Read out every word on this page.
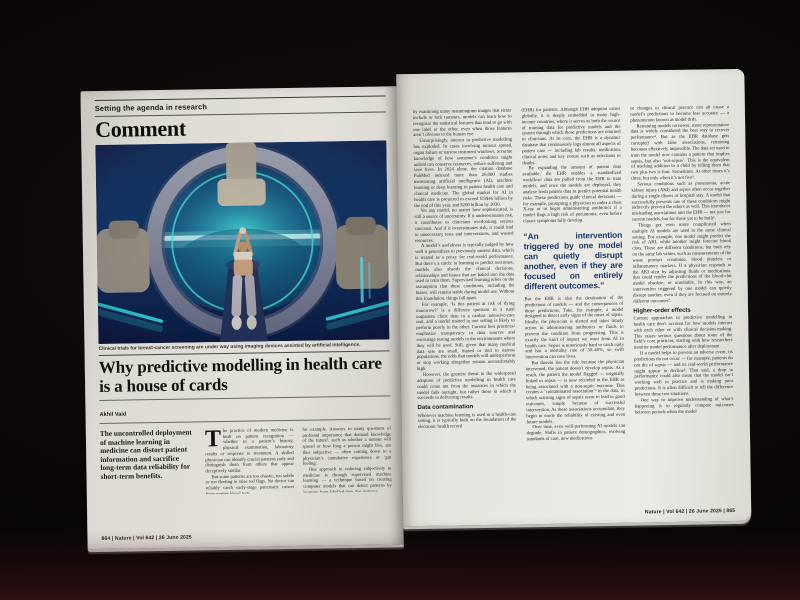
Setting the agenda in research
Comment
Clinical trials for breast-cancer screening are under way using imaging devices assisted by artificial intelligence.
Why predictive modelling in health care is a house of cards
Akhil Vaid
The uncontrolled deployment of machine learning in medicine can distort patient information and sacrifice long-term data reliability for short-term benefits.

The practice of modern medicine is built on pattern recognition — whether in a patient’s history, physical examination, laboratory results or response to treatment. A skilled physician can identify crucial patterns early and distinguish them from others that appear deceptively similar.

But some patterns are too chaotic, too subtle or too fleeting to raise red flags. No doctor can reliably catch early-stage pancreatic cancer from routine blood tests,

for example. Answers to many questions of profound importance that demand knowledge of the future¹, such as whether a tumour will spread or how long a person might live, are thus subjective — often coming down to a physician’s cumulative experience or ‘gut feeling’.

One approach to reducing subjectivity in medicine is through supervised machine learning — a technique based on creating computer models that can detect patterns by learning from labelled data. For instance,

864 | Nature | Vol 642 | 26 June 2025

by examining many mammogram images that either include or lack tumours, models can learn how to recognize the statistical features that tend to go with one label or the other, even when those features aren’t obvious to the human eye.

Unsurprisingly, interest in predictive modelling has exploded. In cases involving tumour spread, organ failure or narrow treatment windows, accurate knowledge of how someone’s condition might unfold can conserve resources, reduce suffering and save lives. In 2024 alone, the citation database PubMed indexed more than 26,000 studies mentioning artificial intelligence (AI), machine learning or deep learning in patient health care and clinical medicine. The global market for AI in health care is projected to exceed US$46 billion by the end of this year, and $200 billion by 2030.

Yet any model, no matter how sophisticated, is still a source of uncertainty. If it underestimates risk, it contributes to clinicians overlooking serious concerns. And if it overestimates risk, it could lead to unnecessary tests and interventions, and wasted resources.

A model’s usefulness is typically judged by how well it generalizes to previously unseen data, which is treated as a proxy for real-world performance. But there’s a catch: in learning to predict outcomes, models also absorb the clinical decisions, relationships and biases that are baked into the data used to train them. Supervised learning relies on the assumption that these conditions, including the biases, will remain stable during model use. Without this foundation, things fall apart.

For example, ‘Is this patient at risk of dying tomorrow?’ is a different question in a rural outpatient clinic than in a cardiac intensive-care unit, and a model trained in one setting is likely to perform poorly in the other. Current best practices² emphasize transparency in data sources and encourage testing models in the environments where they will be used. Still, given that many medical data sets are small, biased or tied to narrow populations, the odds that models will underperform or stop working altogether remain uncomfortably high.

However, the greatest threat to the widespread adoption of predictive modelling in health care could come not from the instances in which the model fails outright, but rather those in which it succeeds in delivering results.

Data contamination

Wherever machine learning is used in a health-care setting, it is typically built on the foundation of the electronic health record

(EHR) for patients. Although EHR adoption varies globally, it is deeply embedded in many high-income countries, where it serves as both the source of training data for predictive models and the system through which those predictions are returned to clinicians. At its core, the EHR is a dynamic database that continuously logs almost all aspects of patient care — including lab results, medication, clinical notes and key events such as infections or deaths.

By expanding the amount of patient data available, the EHR enables a standardized workflow: data are pulled from the EHR to train models, and once the models are deployed, they analyse fresh patient data to predict potential health risks. These predictions guide clinical decisions — for example, prompting a physician to order a chest X-ray or to begin administering antibiotics if a model flags a high risk of pneumonia, even before classic symptoms fully develop.

“An intervention triggered by one model can quietly disrupt another, even if they are focused on entirely different outcomes.”

But the EHR is also the destination of the predictions of models — and the consequences of those predictions. Take, for example, a model designed to detect early signs of the onset of sepsis. Ideally, the physician is alerted and takes timely action in administering antibiotics or fluids to prevent the condition from progressing. This is exactly the kind of impact we want from AI in health care. Sepsis is notoriously hard to catch early and has a mortality rate of 30–40%, so swift intervention can save lives.

But therein lies the rub: because the physician intervened, the patient doesn’t develop sepsis. As a result, the pattern the model flagged — originally linked to sepsis — is now recorded in the EHR as being associated with a non-septic outcome. This creates a ‘contaminated association’³ in the data, in which warning signs of sepsis seem to lead to good outcomes, simply because of successful intervention. As these associations accumulate, they begin to erode the reliability of existing and even future models.

Over time, even well-performing AI models can degrade. Shifts in patient demographics, evolving standards of care, new medications

or changes in clinical practice can all cause a model’s predictions to become less accurate — a phenomenon known as model drift.

Retraining models on newer, more representative data is widely considered the best way to recover performance⁴. But as the EHR database gets corrupted with false associations, retraining becomes effectively impossible. The data set used to train the model now contains a pattern that implies sepsis, but also ‘not-sepsis’. This is the equivalent of teaching addition to a child by telling them that two plus two is four. Sometimes. At other times it’s three, but only when it’s not five⁵.

Serious conditions such as pneumonia, acute kidney injury (AKI) and sepsis often occur together during a single illness or hospital stay. A model that successfully prevents one of these conditions might indirectly prevent the others as well. This introduces misleading associations into the EHR — not just for current models, but for those yet to be built⁶.

Things get even more complicated when multiple AI models are used in the same clinical setting. For example, one model might predict the risk of AKI, while another might forecast blood clots. These are different conditions, but both rely on the same lab values, such as measurements of the waste product creatinine, blood platelets or inflammatory markers. If a physician responds to the AKI alert by adjusting fluids or medications, that could render the predictions of the blood-clot model obsolete, or unreliable. In this way, an intervention triggered by one model can quietly disrupt another, even if they are focused on entirely different outcomes⁷.

Higher-order effects

Current approaches to predictive modelling in health care don’t account for how models interact with each other or with clinical decision-making. This raises serious questions about some of the field’s core practices, starting with how researchers monitor model performance after deployment.

If a model helps to prevent an adverse event, its predictions do not occur — for example, patients do not die of sepsis — and its real-world performance might appear to decline⁸. That said, a drop in performance could also mean that the model isn’t working well in practice and is making poor predictions. It is often difficult to tell the difference between these two situations.

One way to improve understanding of what’s happening is to regularly compare outcomes between periods when the model

Nature | Vol 642 | 26 June 2025 | 865
